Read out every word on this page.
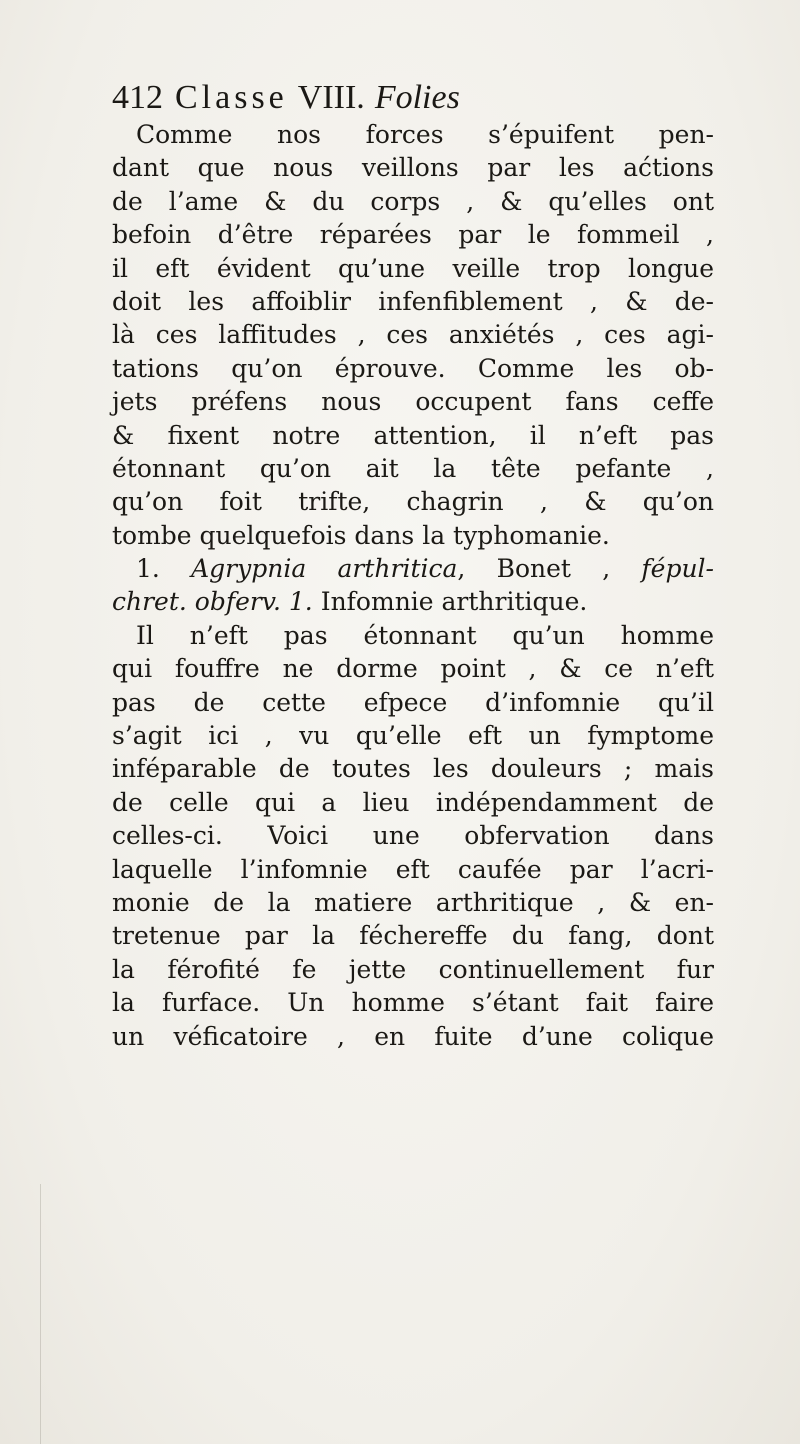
412 Classe VIII. Folies
Comme nos forces s’épuifent pen-
dant que nous veillons par les aćtions
de l’ame & du corps , & qu’elles ont
befoin d’être réparées par le fommeil ,
il eft évident qu’une veille trop longue
doit les affoiblir infenfiblement , & de-
là ces laffitudes , ces anxiétés , ces agi-
tations qu’on éprouve. Comme les ob-
jets préfens nous occupent fans ceffe
& fixent notre attention, il n’eft pas
étonnant qu’on ait la tête pefante ,
qu’on foit trifte, chagrin , & qu’on
tombe quelquefois dans la typhomanie.
1. Agrypnia arthritica, Bonet , fépul-
chret. obferv. 1. Infomnie arthritique.
Il n’eft pas étonnant qu’un homme
qui fouffre ne dorme point , & ce n’eft
pas de cette efpece d’infomnie qu’il
s’agit ici , vu qu’elle eft un fymptome
inféparable de toutes les douleurs ; mais
de celle qui a lieu indépendamment de
celles-ci. Voici une obfervation dans
laquelle l’infomnie eft caufée par l’acri-
monie de la matiere arthritique , & en-
tretenue par la féchereffe du fang, dont
la férofité fe jette continuellement fur
la furface. Un homme s’étant fait faire
un véficatoire , en fuite d’une colique
